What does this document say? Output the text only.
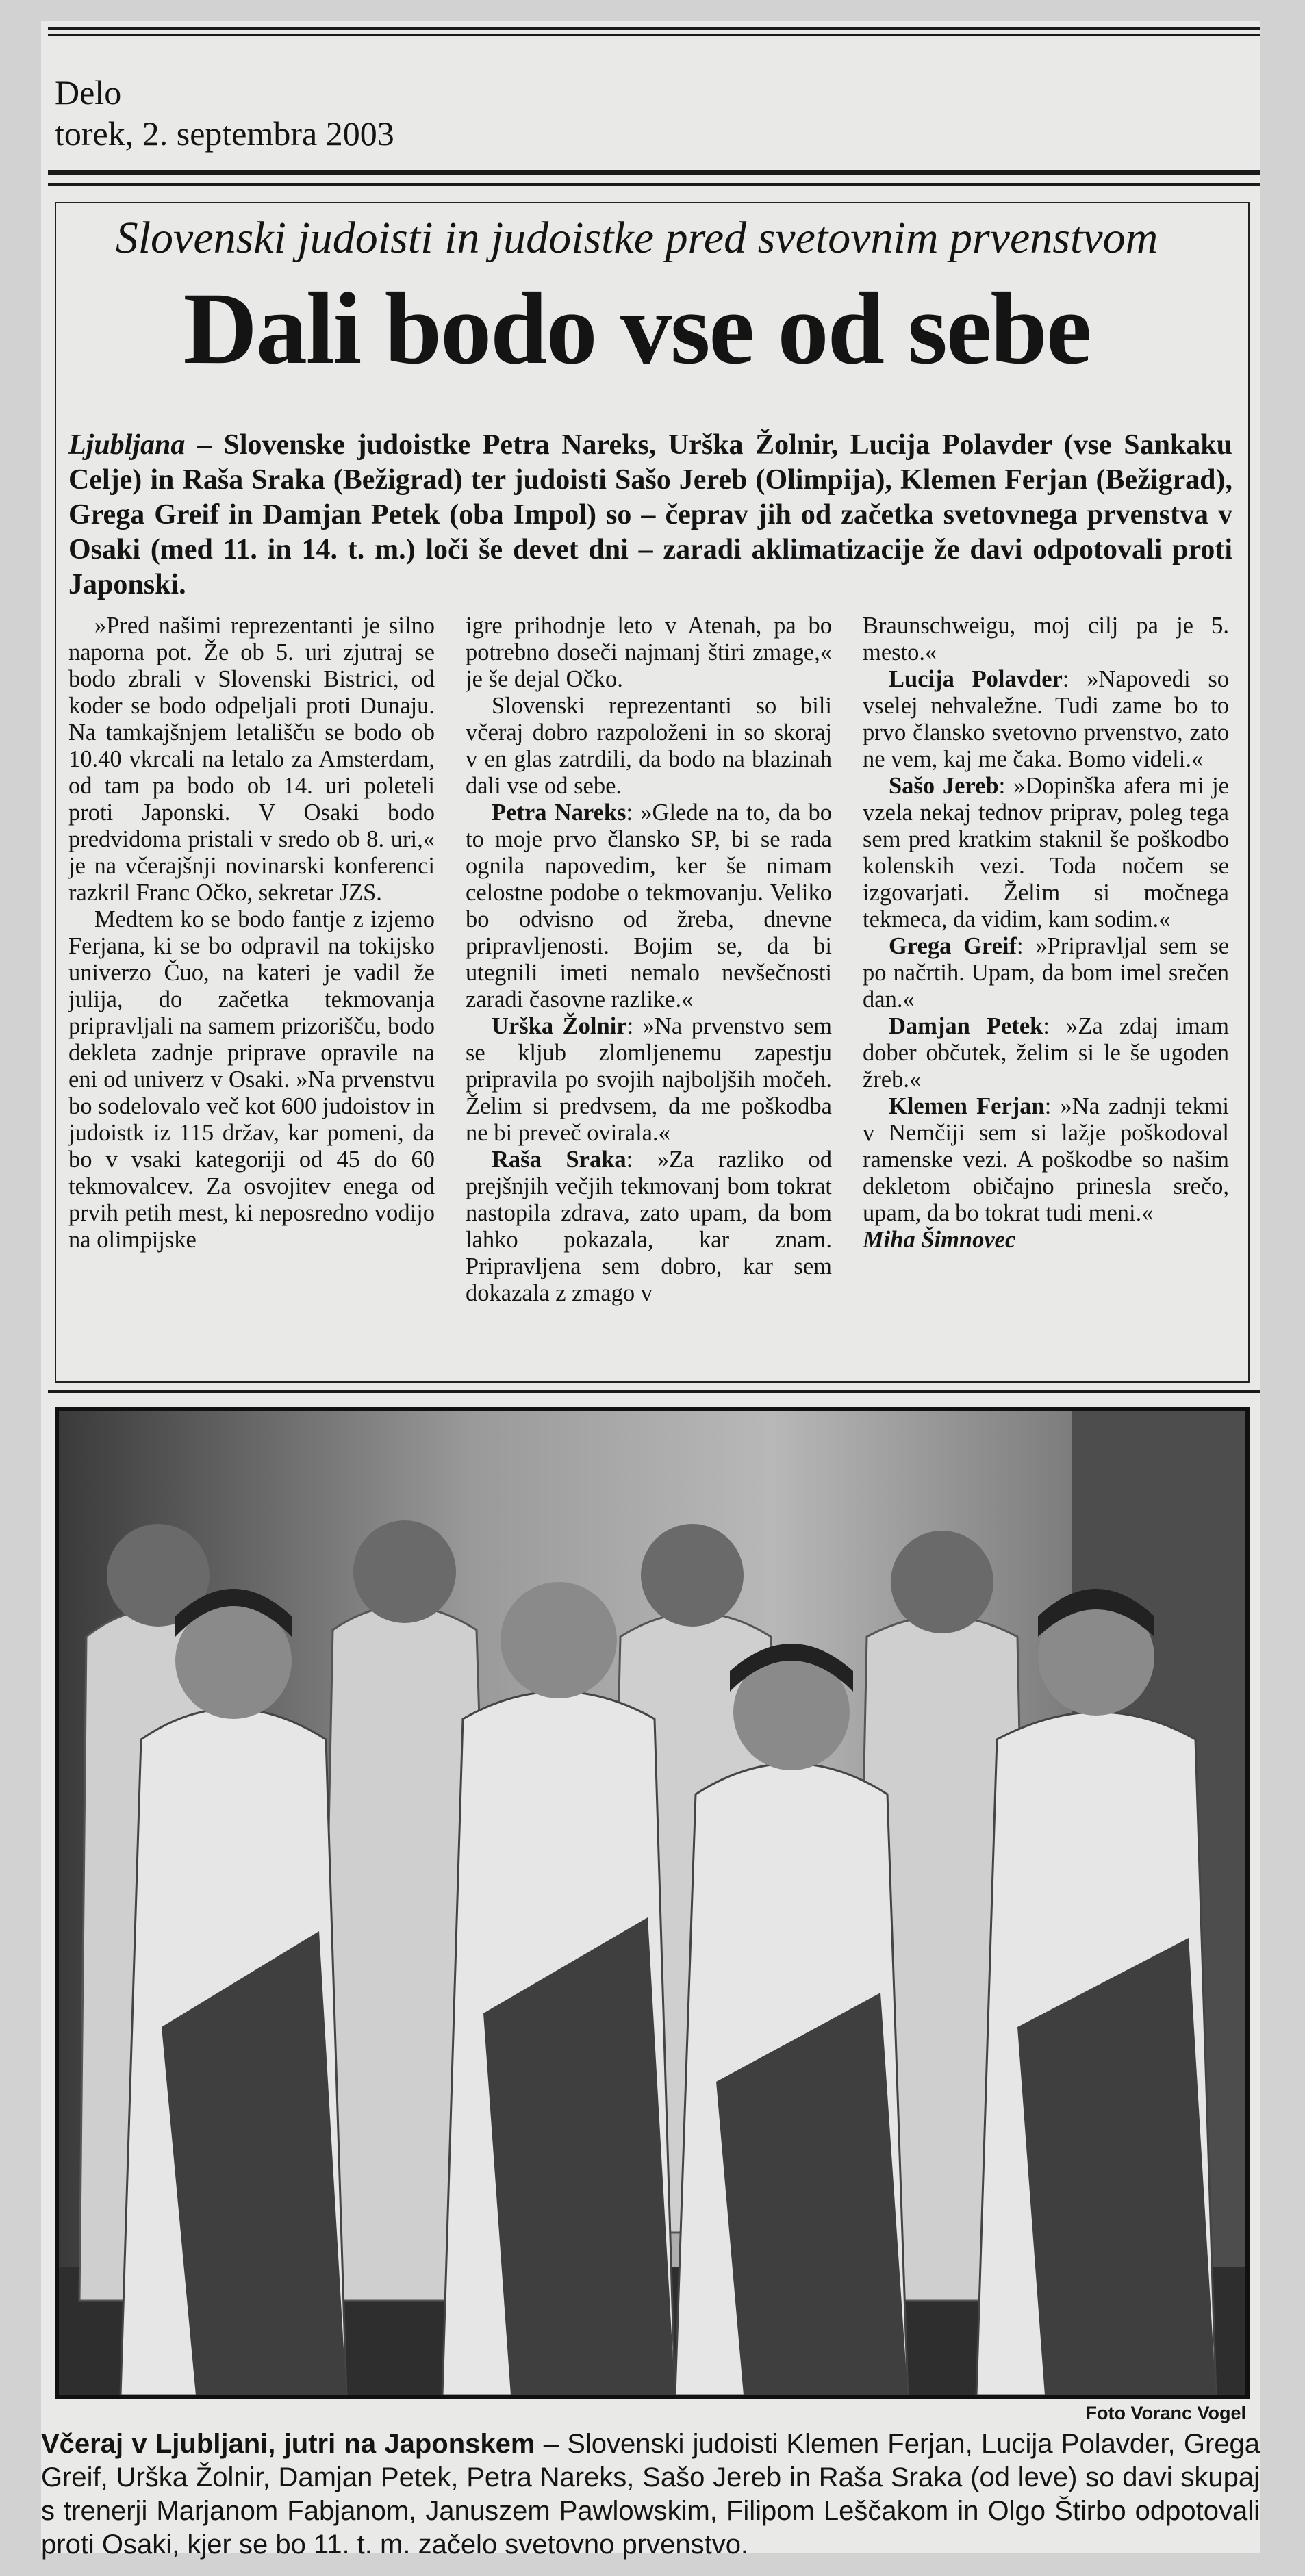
Delo
torek, 2. septembra 2003
Slovenski judoisti in judoistke pred svetovnim prvenstvom
Dali bodo vse od sebe
Ljubljana – Slovenske judoistke Petra Nareks, Urška Žolnir, Lucija Polavder (vse Sankaku Celje) in Raša Sraka (Bežigrad) ter judoisti Sašo Jereb (Olimpija), Klemen Ferjan (Bežigrad), Grega Greif in Damjan Petek (oba Impol) so – čeprav jih od začetka svetovnega prvenstva v Osaki (med 11. in 14. t. m.) loči še devet dni – zaradi aklimatizacije že davi odpotovali proti Japonski.

»Pred našimi reprezentanti je silno naporna pot. Že ob 5. uri zjutraj se bodo zbrali v Slovenski Bistrici, od koder se bodo odpeljali proti Dunaju. Na tamkajšnjem letališču se bodo ob 10.40 vkrcali na letalo za Amsterdam, od tam pa bodo ob 14. uri poleteli proti Japonski. V Osaki bodo predvidoma pristali v sredo ob 8. uri,« je na včerajšnji novinarski konferenci razkril Franc Očko, sekretar JZS.

Medtem ko se bodo fantje z izjemo Ferjana, ki se bo odpravil na tokijsko univerzo Čuo, na kateri je vadil že julija, do začetka tekmovanja pripravljali na samem prizorišču, bodo dekleta zadnje priprave opravile na eni od univerz v Osaki. »Na prvenstvu bo sodelovalo več kot 600 judoistov in judoistk iz 115 držav, kar pomeni, da bo v vsaki kategoriji od 45 do 60 tekmovalcev. Za osvojitev enega od prvih petih mest, ki neposredno vodijo na olimpijske

igre prihodnje leto v Atenah, pa bo potrebno doseči najmanj štiri zmage,« je še dejal Očko.

Slovenski reprezentanti so bili včeraj dobro razpoloženi in so skoraj v en glas zatrdili, da bodo na blazinah dali vse od sebe.

Petra Nareks: »Glede na to, da bo to moje prvo člansko SP, bi se rada ognila napovedim, ker še nimam celostne podobe o tekmovanju. Veliko bo odvisno od žreba, dnevne pripravljenosti. Bojim se, da bi utegnili imeti nemalo nevšečnosti zaradi časovne razlike.«

Urška Žolnir: »Na prvenstvo sem se kljub zlomljenemu zapestju pripravila po svojih najboljših močeh. Želim si predvsem, da me poškodba ne bi preveč ovirala.«

Raša Sraka: »Za razliko od prejšnjih večjih tekmovanj bom tokrat nastopila zdrava, zato upam, da bom lahko pokazala, kar znam. Pripravljena sem dobro, kar sem dokazala z zmago v

Braunschweigu, moj cilj pa je 5. mesto.«

Lucija Polavder: »Napovedi so vselej nehvaležne. Tudi zame bo to prvo člansko svetovno prvenstvo, zato ne vem, kaj me čaka. Bomo videli.«

Sašo Jereb: »Dopinška afera mi je vzela nekaj tednov priprav, poleg tega sem pred kratkim staknil še poškodbo kolenskih vezi. Toda nočem se izgovarjati. Želim si močnega tekmeca, da vidim, kam sodim.«

Grega Greif: »Pripravljal sem se po načrtih. Upam, da bom imel srečen dan.«

Damjan Petek: »Za zdaj imam dober občutek, želim si le še ugoden žreb.«

Klemen Ferjan: »Na zadnji tekmi v Nemčiji sem si lažje poškodoval ramenske vezi. A poškodbe so našim dekletom običajno prinesla srečo, upam, da bo tokrat tudi meni.«

Miha Šimnovec

Foto Voranc Vogel
Včeraj v Ljubljani, jutri na Japonskem – Slovenski judoisti Klemen Ferjan, Lucija Polavder, Grega Greif, Urška Žolnir, Damjan Petek, Petra Nareks, Sašo Jereb in Raša Sraka (od leve) so davi skupaj s trenerji Marjanom Fabjanom, Januszem Pawlowskim, Filipom Leščakom in Olgo Štirbo odpotovali proti Osaki, kjer se bo 11. t. m. začelo svetovno prvenstvo.
